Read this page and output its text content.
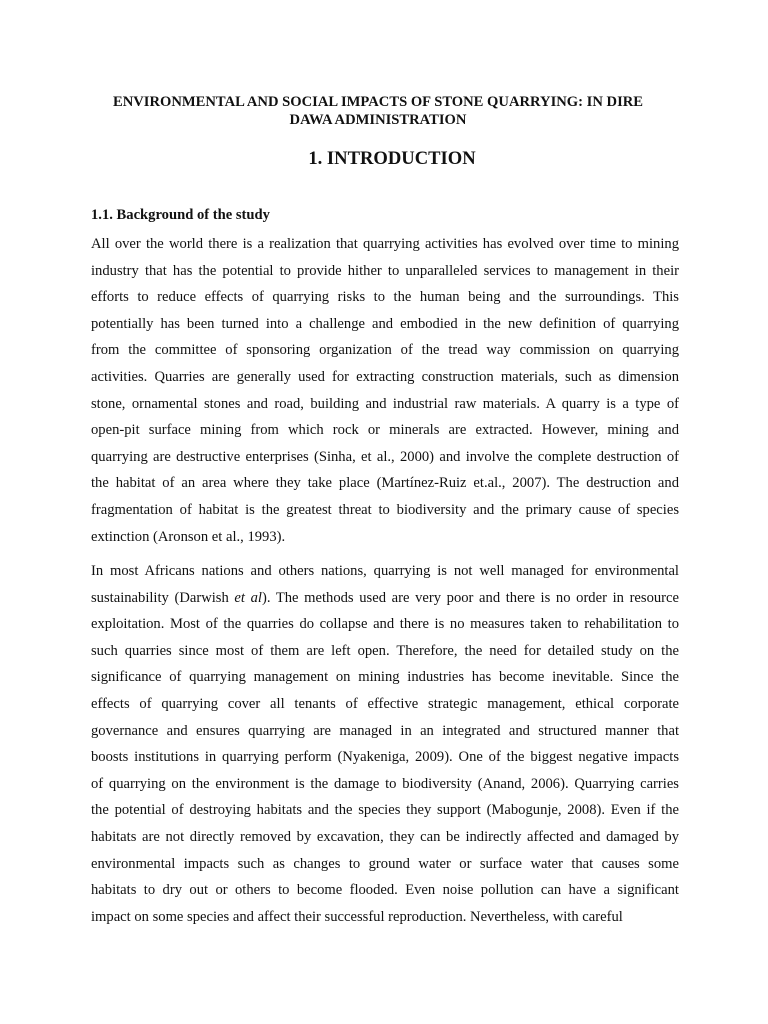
ENVIRONMENTAL AND SOCIAL IMPACTS OF STONE QUARRYING: IN DIRE
DAWA ADMINISTRATION
1. INTRODUCTION
1.1. Background of the study

All over the world there is a realization that quarrying activities has evolved over time to mining
industry that has the potential to provide hither to unparalleled services to management in their
efforts to reduce effects of quarrying risks to the human being and the surroundings. This
potentially has been turned into a challenge and embodied in the new definition of quarrying
from the committee of sponsoring organization of the tread way commission on quarrying
activities. Quarries are generally used for extracting construction materials, such as dimension
stone, ornamental stones and road, building and industrial raw materials. A quarry is a type of
open-pit surface mining from which rock or minerals are extracted. However, mining and
quarrying are destructive enterprises (Sinha, et al., 2000) and involve the complete destruction of
the habitat of an area where they take place (Martínez-Ruiz et.al., 2007). The destruction and
fragmentation of habitat is the greatest threat to biodiversity and the primary cause of species
extinction (Aronson et al., 1993).

In most Africans nations and others nations, quarrying is not well managed for environmental
sustainability (Darwish et al). The methods used are very poor and there is no order in resource
exploitation. Most of the quarries do collapse and there is no measures taken to rehabilitation to
such quarries since most of them are left open. Therefore, the need for detailed study on the
significance of quarrying management on mining industries has become inevitable. Since the
effects of quarrying cover all tenants of effective strategic management, ethical corporate
governance and ensures quarrying are managed in an integrated and structured manner that
boosts institutions in quarrying perform (Nyakeniga, 2009). One of the biggest negative impacts
of quarrying on the environment is the damage to biodiversity (Anand, 2006). Quarrying carries
the potential of destroying habitats and the species they support (Mabogunje, 2008). Even if the
habitats are not directly removed by excavation, they can be indirectly affected and damaged by
environmental impacts such as changes to ground water or surface water that causes some
habitats to dry out or others to become flooded. Even noise pollution can have a significant
impact on some species and affect their successful reproduction. Nevertheless, with careful
